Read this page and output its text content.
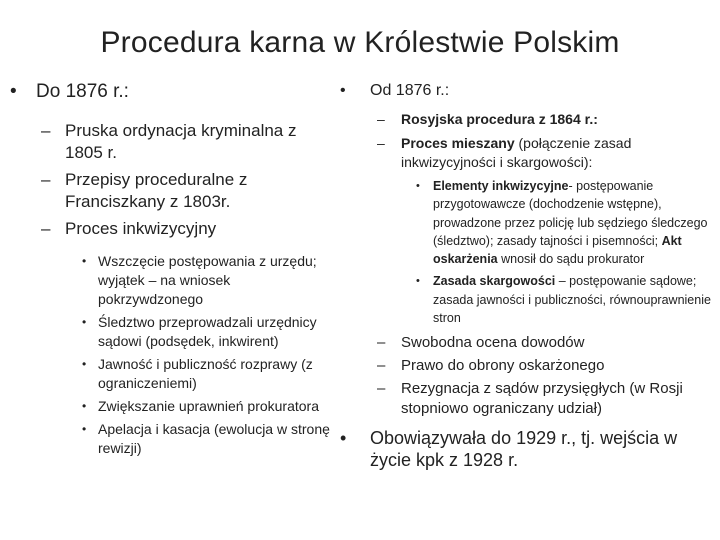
Procedura karna w Królestwie Polskim
• Do 1876 r.:
– Pruska ordynacja kryminalna z 1805 r.
– Przepisy proceduralne z Franciszkany z 1803r.
– Proces inkwizycyjny
• Wszczęcie postępowania z urzędu; wyjątek – na wniosek pokrzywdzonego
• Śledztwo przeprowadzali urzędnicy sądowi (podsędek, inkwirent)
• Jawność i publiczność rozprawy (z ograniczeniemi)
• Zwiększanie uprawnień prokuratora
• Apelacja i kasacja (ewolucja w stronę rewizji)
• Od 1876 r.:
– Rosyjska procedura z 1864 r.:
– Proces mieszany (połączenie zasad inkwizycyjności i skargowości):
• Elementy inkwizycyjne- postępowanie przygotowawcze (dochodzenie wstępne), prowadzone przez policję lub sędziego śledczego (śledztwo); zasady tajności i pisemności; Akt oskarżenia wnosił do sądu prokurator
• Zasada skargowości – postępowanie sądowe; zasada jawności i publiczności, równouprawnienie stron
– Swobodna ocena dowodów
– Prawo do obrony oskarżonego
– Rezygnacja z sądów przysięgłych (w Rosji stopniowo ograniczany udział)
• Obowiązywała do 1929 r., tj. wejścia w życie kpk z 1928 r.
